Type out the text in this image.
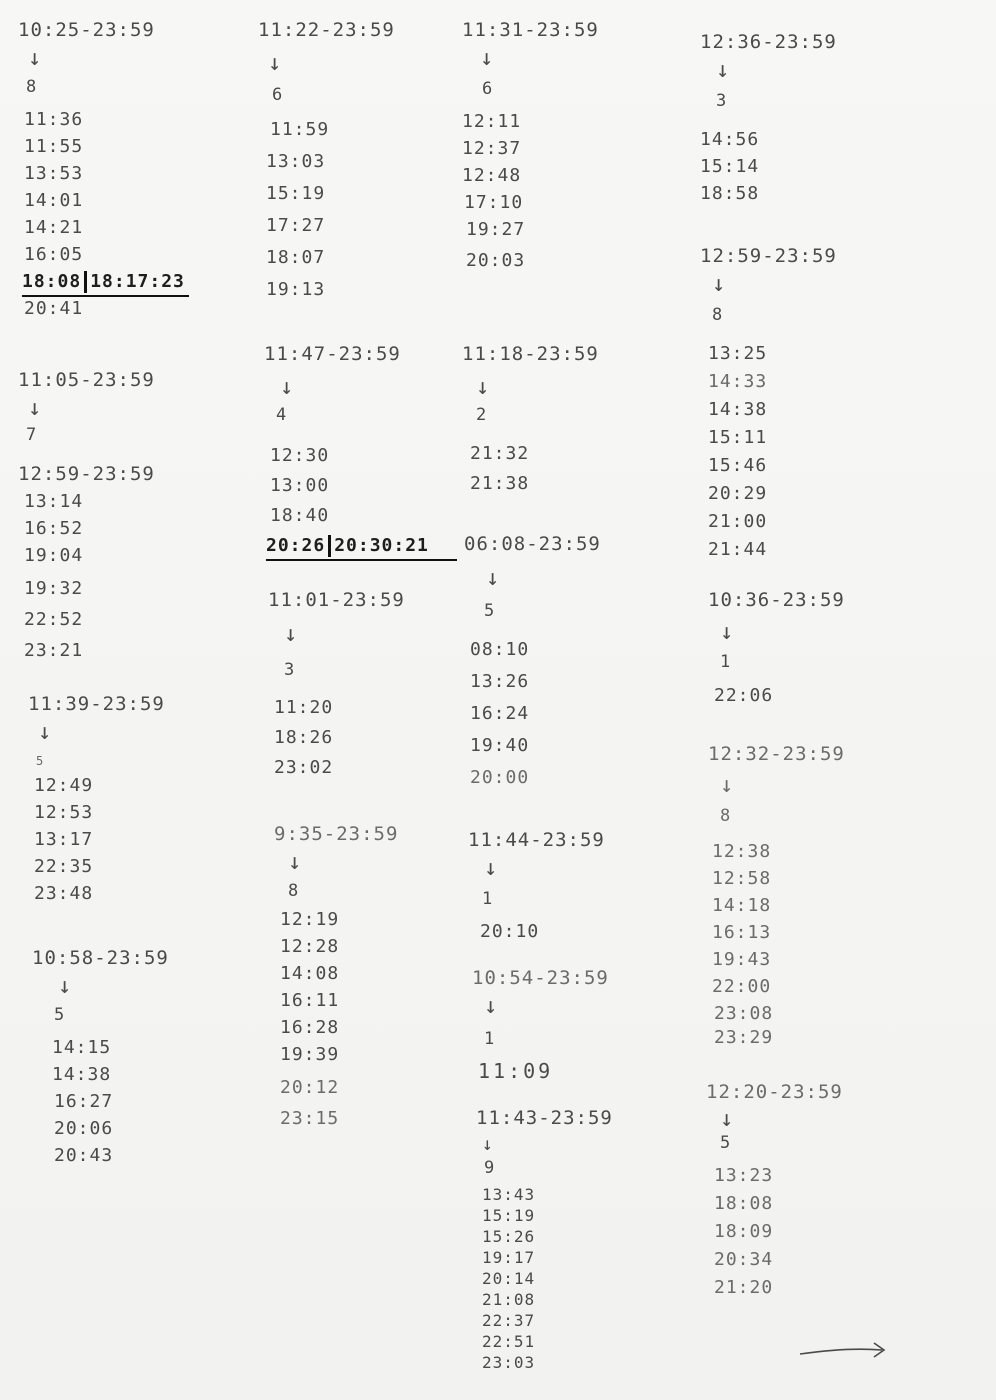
10:25-23:59
↓
8
11:36
11:55
13:53
14:01
14:21
16:05
18:08 18:17:23
20:41
11:05-23:59
↓
7
12:59-23:59
13:14
16:52
19:04
19:32
22:52
23:21
11:39-23:59
↓
5
12:49
12:53
13:17
22:35
23:48
10:58-23:59
↓
5
14:15
14:38
16:27
20:06
20:43
11:22-23:59
↓
6
11:59
13:03
15:19
17:27
18:07
19:13
11:47-23:59
↓
4
12:30
13:00
18:40
20:26 20:30:21
11:01-23:59
↓
3
11:20
18:26
23:02
9:35-23:59
↓
8
12:19
12:28
14:08
16:11
16:28
19:39
20:12
23:15
11:31-23:59
↓
6
12:11
12:37
12:48
17:10
19:27
20:03
11:18-23:59
↓
2
21:32
21:38
06:08-23:59
↓
5
08:10
13:26
16:24
19:40
20:00
11:44-23:59
↓
1
20:10
10:54-23:59
↓
1
11:09
11:43-23:59
↓
9
13:43
15:19
15:26
19:17
20:14
21:08
22:37
22:51
23:03
12:36-23:59
↓
3
14:56
15:14
18:58
12:59-23:59
↓
8
13:25
14:33
14:38
15:11
15:46
20:29
21:00
21:44
10:36-23:59
↓
1
22:06
12:32-23:59
↓
8
12:38
12:58
14:18
16:13
19:43
22:00
23:08
23:29
12:20-23:59
↓
5
13:23
18:08
18:09
20:34
21:20
